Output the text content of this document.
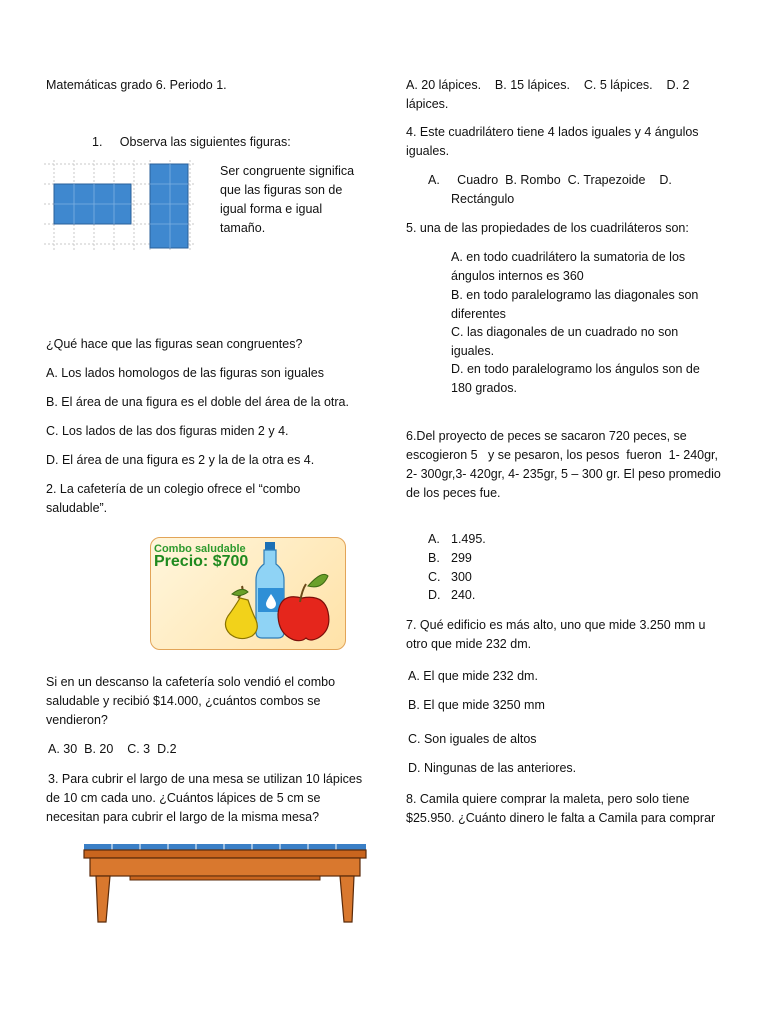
Matemáticas grado 6. Periodo 1.
1.     Observa las siguientes figuras:
Ser congruente significa
que las figuras son de
igual forma e igual
tamaño.
¿Qué hace que las figuras sean congruentes?
A. Los lados homologos de las figuras son iguales
B. El área de una figura es el doble del área de la otra.
C. Los lados de las dos figuras miden 2 y 4.
D. El área de una figura es 2 y la de la otra es 4.
2. La cafetería de un colegio ofrece el “combo
saludable”.
Combo saludable
Precio: $700
Si en un descanso la cafetería solo vendió el combo
saludable y recibió $14.000, ¿cuántos combos se
vendieron?
A. 30  B. 20    C. 3  D.2
3. Para cubrir el largo de una mesa se utilizan 10 lápices
de 10 cm cada uno. ¿Cuántos lápices de 5 cm se
necesitan para cubrir el largo de la misma mesa?
A. 20 lápices.    B. 15 lápices.    C. 5 lápices.    D. 2
lápices.
4. Este cuadrilátero tiene 4 lados iguales y 4 ángulos
iguales.
A.     Cuadro  B. Rombo  C. Trapezoide    D.
Rectángulo
5. una de las propiedades de los cuadriláteros son:
A. en todo cuadrilátero la sumatoria de los
ángulos internos es 360
B. en todo paralelogramo las diagonales son
diferentes
C. las diagonales de un cuadrado no son
iguales.
D. en todo paralelogramo los ángulos son de
180 grados.
6.Del proyecto de peces se sacaron 720 peces, se
escogieron 5   y se pesaron, los pesos  fueron  1- 240gr,
2- 300gr,3- 420gr, 4- 235gr, 5 – 300 gr. El peso promedio
de los peces fue.
A. 1.495.
B. 299
C. 300
D. 240.
7. Qué edificio es más alto, uno que mide 3.250 mm u
otro que mide 232 dm.
A. El que mide 232 dm.
B. El que mide 3250 mm
C. Son iguales de altos
D. Ningunas de las anteriores.
8. Camila quiere comprar la maleta, pero solo tiene
$25.950. ¿Cuánto dinero le falta a Camila para comprar
